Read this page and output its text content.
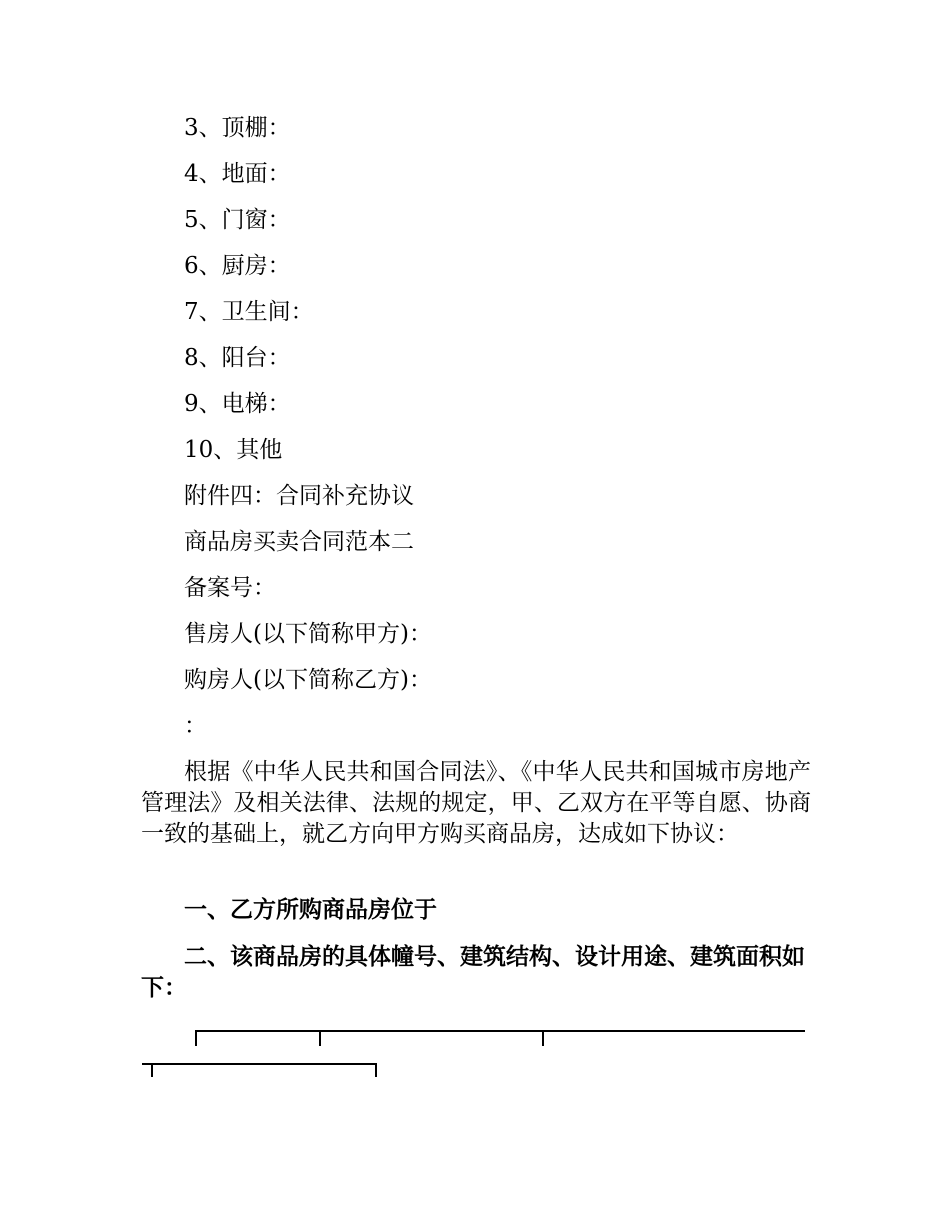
3、顶棚：
4、地面：
5、门窗：
6、厨房：
7、卫生间：
8、阳台：
9、电梯：
10、其他
附件四：合同补充协议
商品房买卖合同范本二
备案号：
售房人(以下简称甲方)：
购房人(以下简称乙方)：
：
根据《中华人民共和国合同法》、《中华人民共和国城市房地产管理法》及相关法律、法规的规定，甲、乙双方在平等自愿、协商一致的基础上，就乙方向甲方购买商品房，达成如下协议：
一、乙方所购商品房位于
二、该商品房的具体幢号、建筑结构、设计用途、建筑面积如下：
